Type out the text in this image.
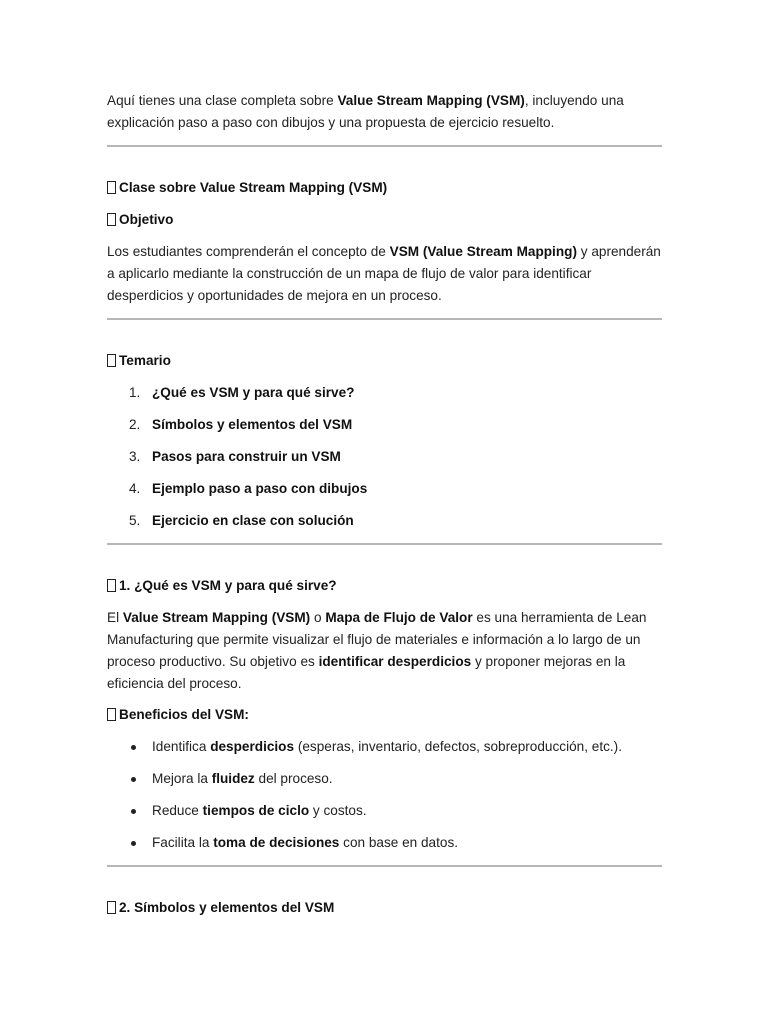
Aquí tienes una clase completa sobre Value Stream Mapping (VSM), incluyendo una explicación paso a paso con dibujos y una propuesta de ejercicio resuelto.

Clase sobre Value Stream Mapping (VSM)
Objetivo

Los estudiantes comprenderán el concepto de VSM (Value Stream Mapping) y aprenderán a aplicarlo mediante la construcción de un mapa de flujo de valor para identificar desperdicios y oportunidades de mejora en un proceso.

Temario
1. ¿Qué es VSM y para qué sirve?
2. Símbolos y elementos del VSM
3. Pasos para construir un VSM
4. Ejemplo paso a paso con dibujos
5. Ejercicio en clase con solución
1. ¿Qué es VSM y para qué sirve?

El Value Stream Mapping (VSM) o Mapa de Flujo de Valor es una herramienta de Lean Manufacturing que permite visualizar el flujo de materiales e información a lo largo de un proceso productivo. Su objetivo es identificar desperdicios y proponer mejoras en la eficiencia del proceso.

Beneficios del VSM:
Identifica desperdicios (esperas, inventario, defectos, sobreproducción, etc.).
Mejora la fluidez del proceso.
Reduce tiempos de ciclo y costos.
Facilita la toma de decisiones con base en datos.
2. Símbolos y elementos del VSM
